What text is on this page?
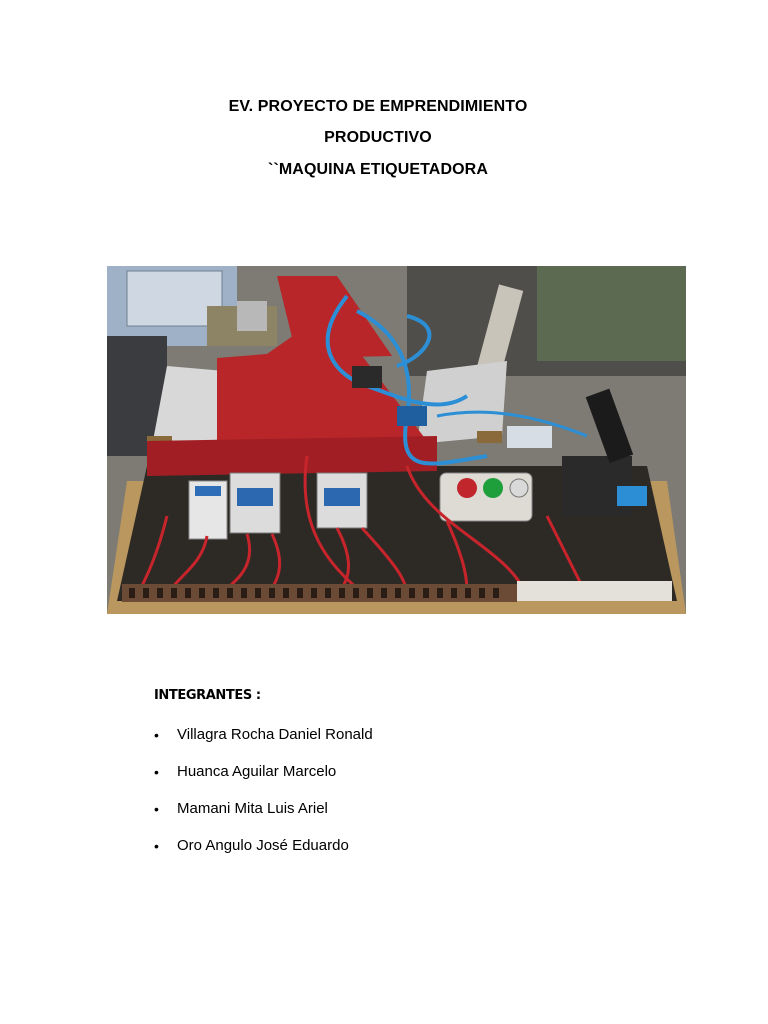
EV. PROYECTO DE EMPRENDIMIENTO
PRODUCTIVO
``MAQUINA ETIQUETADORA
INTEGRANTES :
• Villagra Rocha Daniel Ronald
• Huanca Aguilar Marcelo
• Mamani Mita Luis Ariel
• Oro Angulo José Eduardo
